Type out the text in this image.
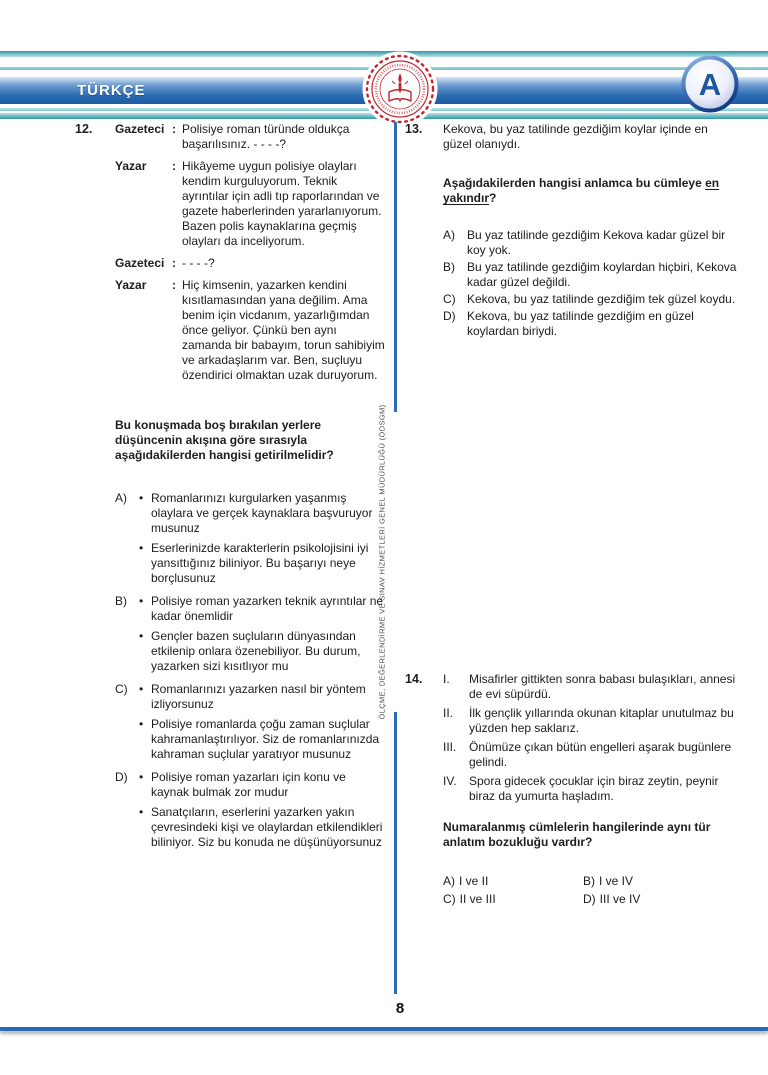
TÜRKÇE	A
ÖLÇME, DEĞERLENDİRME VE SINAV HİZMETLERİ GENEL MÜDÜRLÜĞÜ (ÖDSGM)
12.	Gazeteci : Polisiye roman türünde oldukça başarılısınız. - - - -?
Yazar	: Hikâyeme uygun polisiye olayları kendim kurguluyorum. Teknik ayrıntılar için adli tıp raporlarından ve gazete haberlerinden yararlanıyorum. Bazen polis kaynaklarına geçmiş olayları da inceliyorum.
Gazeteci : - - - -?
Yazar	: Hiç kimsenin, yazarken kendini kısıtlamasından yana değilim. Ama benim için vicdanım, yazarlığımdan önce geliyor. Çünkü ben aynı zamanda bir babayım, torun sahibiyim ve arkadaşlarım var. Ben, suçluyu özendirici olmaktan uzak duruyorum.
Bu konuşmada boş bırakılan yerlere düşüncenin akışına göre sırasıyla aşağıdakilerden hangisi getirilmelidir?
A)	• Romanlarınızı kurgularken yaşanmış olaylara ve gerçek kaynaklara başvuruyor musunuz
• Eserlerinizde karakterlerin psikolojisini iyi yansıttığınız biliniyor. Bu başarıyı neye borçlusunuz
B)	• Polisiye roman yazarken teknik ayrıntılar ne kadar önemlidir
• Gençler bazen suçluların dünyasından etkilenip onlara özenebiliyor. Bu durum, yazarken sizi kısıtlıyor mu
C)	• Romanlarınızı yazarken nasıl bir yöntem izliyorsunuz
• Polisiye romanlarda çoğu zaman suçlular kahramanlaştırılıyor. Siz de romanlarınızda kahraman suçlular yaratıyor musunuz
D)	• Polisiye roman yazarları için konu ve kaynak bulmak zor mudur
• Sanatçıların, eserlerini yazarken yakın çevresindeki kişi ve olaylardan etkilendikleri biliniyor. Siz bu konuda ne düşünüyorsunuz
13.	Kekova, bu yaz tatilinde gezdiğim koylar içinde en güzel olanıydı.
Aşağıdakilerden hangisi anlamca bu cümleye en yakındır?
A)	Bu yaz tatilinde gezdiğim Kekova kadar güzel bir koy yok.
B)	Bu yaz tatilinde gezdiğim koylardan hiçbiri, Kekova kadar güzel değildi.
C) Kekova, bu yaz tatilinde gezdiğim tek güzel koydu.
D) Kekova, bu yaz tatilinde gezdiğim en güzel koylardan biriydi.
14.	I.	Misafirler gittikten sonra babası bulaşıkları, annesi de evi süpürdü.
II.	İlk gençlik yıllarında okunan kitaplar unutulmaz bu yüzden hep saklarız.
III.	Önümüze çıkan bütün engelleri aşarak bugünlere gelindi.
IV.	Spora gidecek çocuklar için biraz zeytin, peynir biraz da yumurta haşladım.
Numaralanmış cümlelerin hangilerinde aynı tür anlatım bozukluğu vardır?
A) I ve II	B) I ve IV
C) II ve III	D) III ve IV
8
